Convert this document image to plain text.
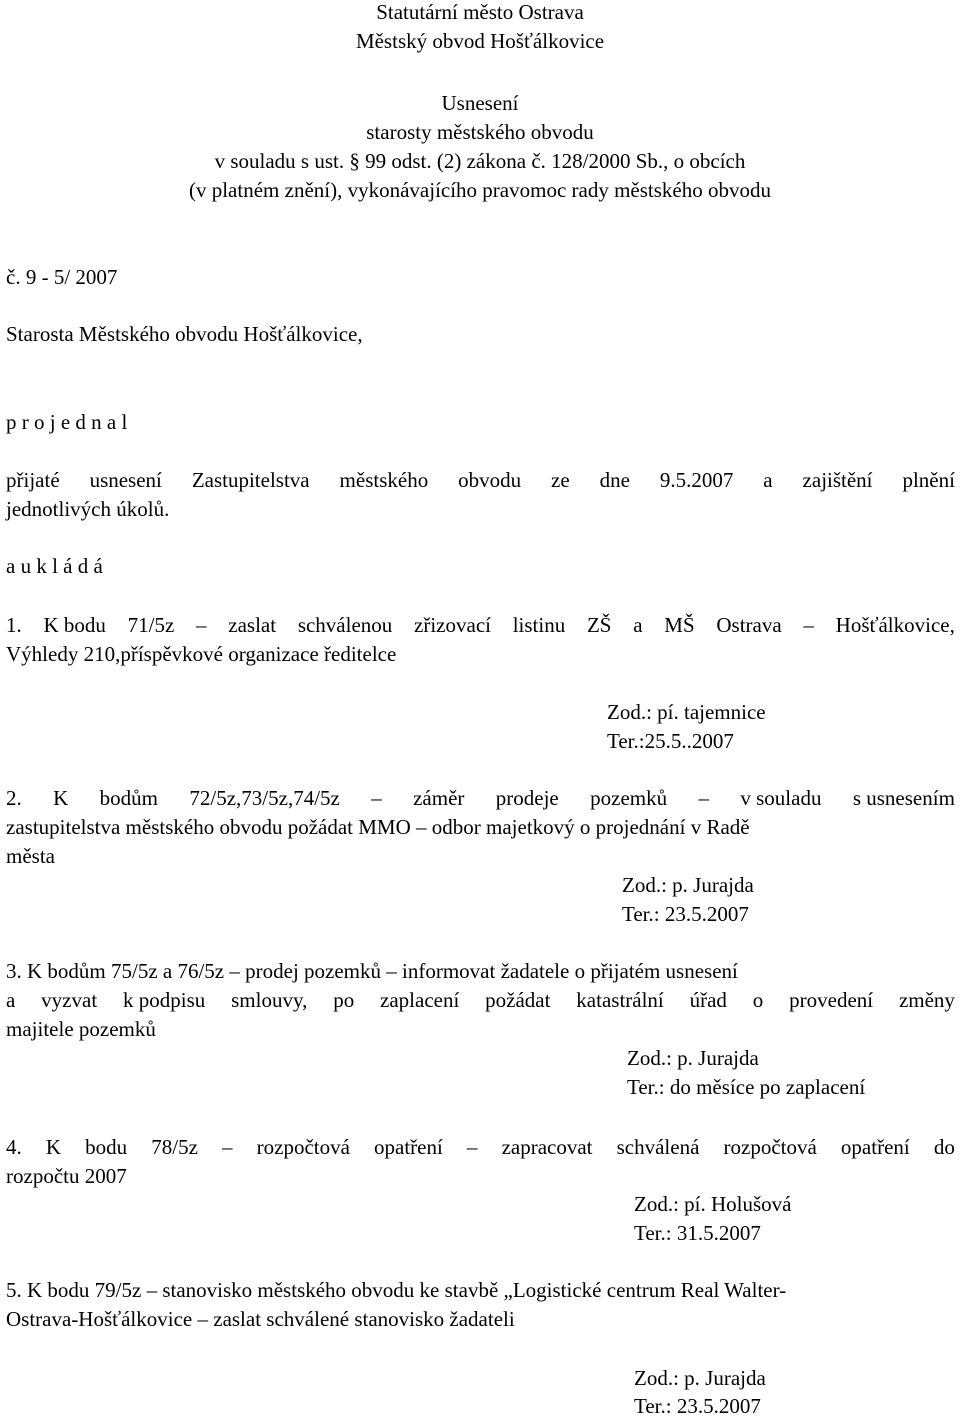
Statutární město Ostrava
Městský obvod Hošťálkovice
Usnesení
starosty městského obvodu
v souladu s ust. § 99 odst. (2) zákona č. 128/2000 Sb., o obcích
(v platném znění), vykonávajícího pravomoc rady městského obvodu
č. 9 - 5/ 2007
Starosta Městského obvodu Hošťálkovice,
p r o j e d n a l
přijaté usnesení Zastupitelstva městského obvodu ze dne 9.5.2007 a zajištění plnění
jednotlivých úkolů.
a u k l á d á
1. K bodu 71/5z – zaslat schválenou zřizovací listinu ZŠ a MŠ Ostrava – Hošťálkovice,
Výhledy 210,příspěvkové organizace ředitelce
Zod.: pí. tajemnice
Ter.:25.5..2007
2. K bodům 72/5z,73/5z,74/5z – záměr prodeje pozemků – v souladu s usnesením
zastupitelstva městského obvodu požádat MMO – odbor majetkový o projednání v Radě
města
Zod.: p. Jurajda
Ter.: 23.5.2007
3. K bodům 75/5z a 76/5z – prodej pozemků – informovat žadatele o přijatém usnesení
a vyzvat k podpisu smlouvy, po zaplacení požádat katastrální úřad o provedení změny
majitele pozemků
Zod.: p. Jurajda
Ter.: do měsíce po zaplacení
4. K bodu 78/5z – rozpočtová opatření – zapracovat schválená rozpočtová opatření do
rozpočtu 2007
Zod.: pí. Holušová
Ter.: 31.5.2007
5. K bodu 79/5z – stanovisko městského obvodu ke stavbě „Logistické centrum Real Walter-
Ostrava-Hošťálkovice – zaslat schválené stanovisko žadateli
Zod.: p. Jurajda
Ter.: 23.5.2007
